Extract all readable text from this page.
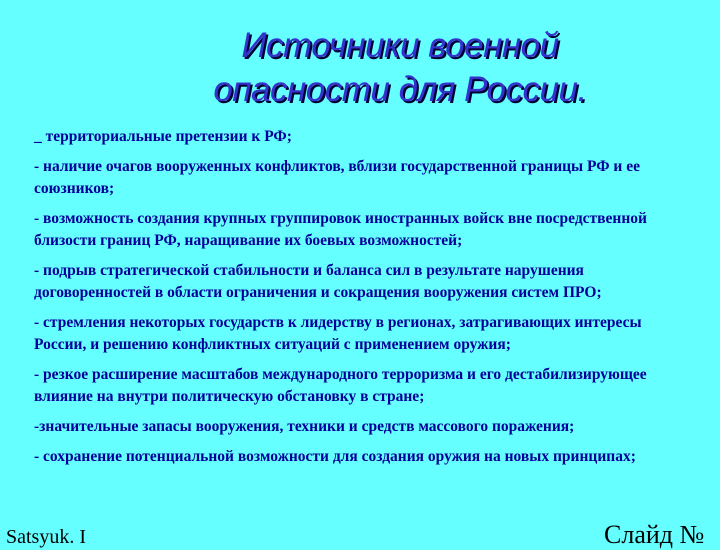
Источники военной
опасности для России.

_ территориальные претензии к РФ;

- наличие очагов вооруженных конфликтов, вблизи государственной границы РФ и ее союзников;

- возможность создания крупных группировок иностранных войск вне посредственной близости границ РФ, наращивание их боевых возможностей;

- подрыв стратегической стабильности и баланса сил в результате нарушения договоренностей в области ограничения и сокращения вооружения систем ПРО;

- стремления некоторых государств к лидерству в регионах, затрагивающих интересы России, и решению конфликтных ситуаций с применением оружия;

- резкое расширение масштабов международного терроризма и его дестабилизирующее влияние на внутри политическую обстановку в стране;

-значительные запасы вооружения, техники и средств массового поражения;

- сохранение потенциальной возможности для создания оружия на новых принципах;

Satsyuk. I	Слайд №
